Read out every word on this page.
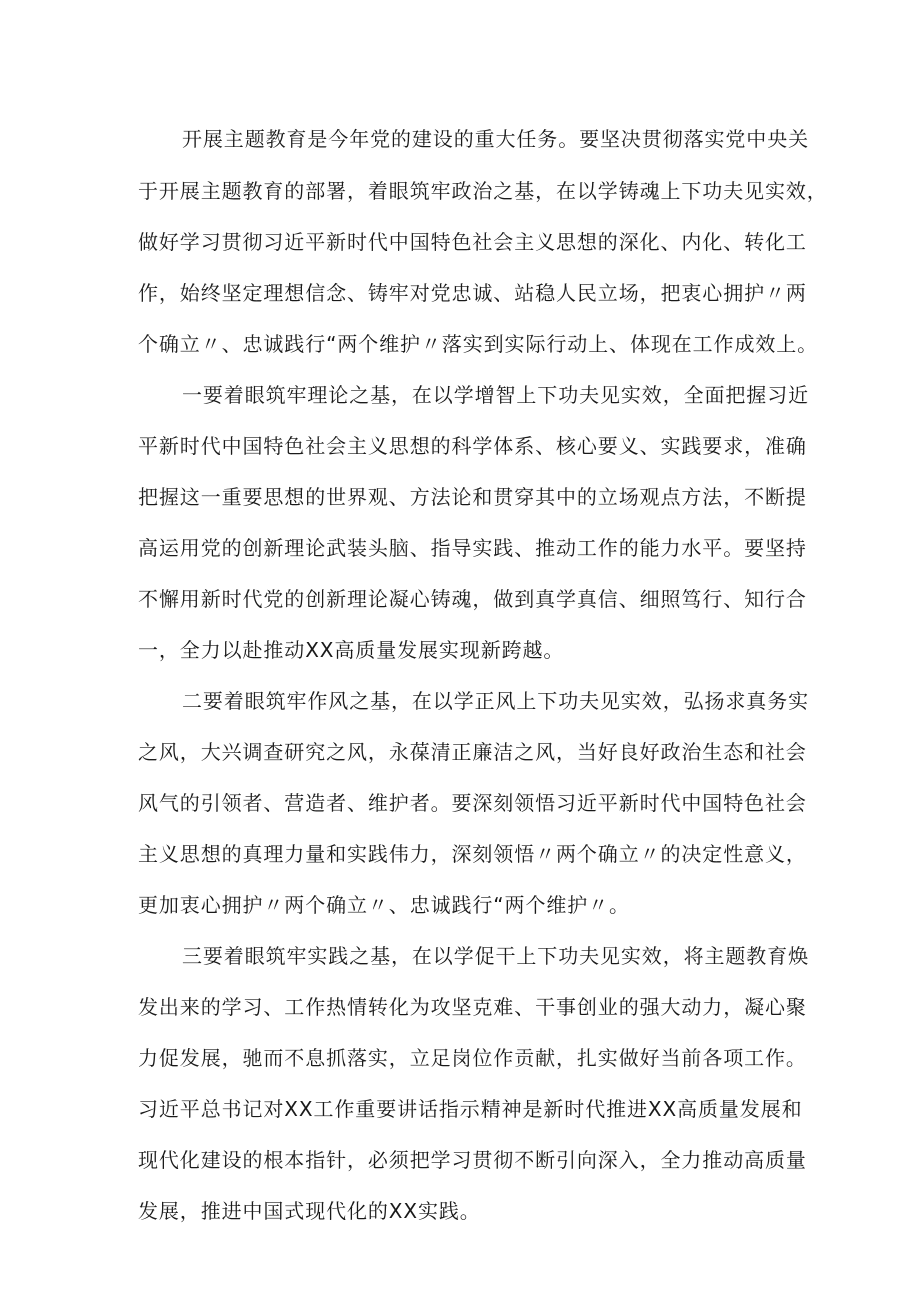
开展主题教育是今年党的建设的重大任务。要坚决贯彻落实党中央关
于开展主题教育的部署，着眼筑牢政治之基，在以学铸魂上下功夫见实效，
做好学习贯彻习近平新时代中国特色社会主义思想的深化、内化、转化工
作，始终坚定理想信念、铸牢对党忠诚、站稳人民立场，把衷心拥护〃两
个确立〃、忠诚践行“两个维护〃落实到实际行动上、体现在工作成效上。
一要着眼筑牢理论之基，在以学增智上下功夫见实效，全面把握习近
平新时代中国特色社会主义思想的科学体系、核心要义、实践要求，准确
把握这一重要思想的世界观、方法论和贯穿其中的立场观点方法，不断提
高运用党的创新理论武装头脑、指导实践、推动工作的能力水平。要坚持
不懈用新时代党的创新理论凝心铸魂，做到真学真信、细照笃行、知行合
一，全力以赴推动XX高质量发展实现新跨越。
二要着眼筑牢作风之基，在以学正风上下功夫见实效，弘扬求真务实
之风，大兴调查研究之风，永葆清正廉洁之风，当好良好政治生态和社会
风气的引领者、营造者、维护者。要深刻领悟习近平新时代中国特色社会
主义思想的真理力量和实践伟力，深刻领悟〃两个确立〃的决定性意义，
更加衷心拥护〃两个确立〃、忠诚践行“两个维护〃。
三要着眼筑牢实践之基，在以学促干上下功夫见实效，将主题教育焕
发出来的学习、工作热情转化为攻坚克难、干事创业的强大动力，凝心聚
力促发展，驰而不息抓落实，立足岗位作贡献，扎实做好当前各项工作。
习近平总书记对XX工作重要讲话指示精神是新时代推进XX高质量发展和
现代化建设的根本指针，必须把学习贯彻不断引向深入，全力推动高质量
发展，推进中国式现代化的XX实践。
